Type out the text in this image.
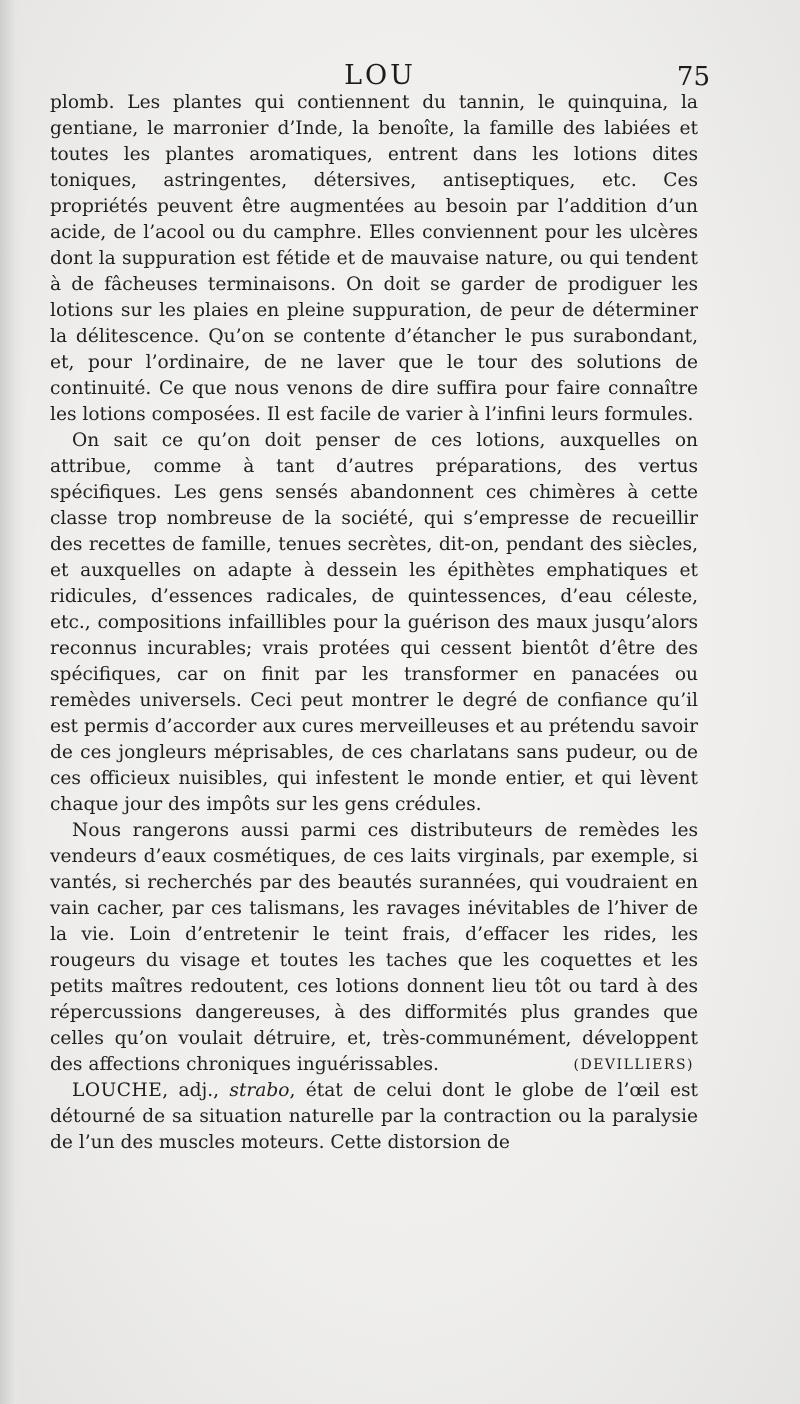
LOU	75

plomb. Les plantes qui contiennent du tannin, le quinquina, la gentiane, le marronier d’Inde, la benoîte, la famille des labiées et toutes les plantes aromatiques, entrent dans les lotions dites toniques, astringentes, détersives, antiseptiques, etc. Ces propriétés peuvent être augmentées au besoin par l’addition d’un acide, de l’acool ou du camphre. Elles conviennent pour les ulcères dont la suppuration est fétide et de mauvaise nature, ou qui tendent à de fâcheuses terminaisons. On doit se garder de prodiguer les lotions sur les plaies en pleine suppuration, de peur de déterminer la délitescence. Qu’on se contente d’étancher le pus surabondant, et, pour l’ordinaire, de ne laver que le tour des solutions de continuité. Ce que nous venons de dire suffira pour faire connaître les lotions composées. Il est facile de varier à l’infini leurs formules.

On sait ce qu’on doit penser de ces lotions, auxquelles on attribue, comme à tant d’autres préparations, des vertus spécifiques. Les gens sensés abandonnent ces chimères à cette classe trop nombreuse de la société, qui s’empresse de recueillir des recettes de famille, tenues secrètes, dit-on, pendant des siècles, et auxquelles on adapte à dessein les épithètes emphatiques et ridicules, d’essences radicales, de quintessences, d’eau céleste, etc., compositions infaillibles pour la guérison des maux jusqu’alors reconnus incurables; vrais protées qui cessent bientôt d’être des spécifiques, car on finit par les transformer en panacées ou remèdes universels. Ceci peut montrer le degré de confiance qu’il est permis d’accorder aux cures merveilleuses et au prétendu savoir de ces jongleurs méprisables, de ces charlatans sans pudeur, ou de ces officieux nuisibles, qui infestent le monde entier, et qui lèvent chaque jour des impôts sur les gens crédules.

Nous rangerons aussi parmi ces distributeurs de remèdes les vendeurs d’eaux cosmétiques, de ces laits virginals, par exemple, si vantés, si recherchés par des beautés surannées, qui voudraient en vain cacher, par ces talismans, les ravages inévitables de l’hiver de la vie. Loin d’entretenir le teint frais, d’effacer les rides, les rougeurs du visage et toutes les taches que les coquettes et les petits maîtres redoutent, ces lotions donnent lieu tôt ou tard à des répercussions dangereuses, à des difformités plus grandes que celles qu’on voulait détruire, et, très-communément, développent des affections chroniques inguérissables.	(DEVILLIERS)

LOUCHE, adj., strabo, état de celui dont le globe de l’œil est détourné de sa situation naturelle par la contraction ou la paralysie de l’un des muscles moteurs. Cette distorsion de
